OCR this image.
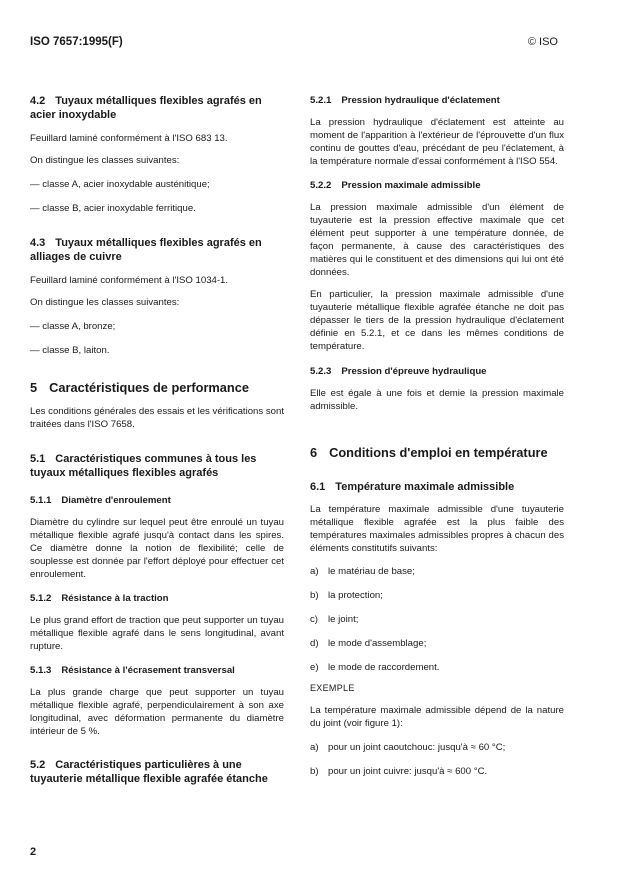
ISO 7657:1995(F)	© ISO
4.2 Tuyaux métalliques flexibles agrafés en acier inoxydable

Feuillard laminé conformément à l'ISO 683 13.

On distingue les classes suivantes:

— classe A, acier inoxydable austénitique;

— classe B, acier inoxydable ferritique.

4.3 Tuyaux métalliques flexibles agrafés en alliages de cuivre

Feuillard laminé conformément à l'ISO 1034-1.

On distingue les classes suivantes:

— classe A, bronze;

— classe B, laiton.

5 Caractéristiques de performance

Les conditions générales des essais et les vérifications sont traitées dans l'ISO 7658.

5.1 Caractéristiques communes à tous les tuyaux métalliques flexibles agrafés
5.1.1 Diamètre d'enroulement

Diamètre du cylindre sur lequel peut être enroulé un tuyau métallique flexible agrafé jusqu'à contact dans les spires. Ce diamètre donne la notion de flexibilité; celle de souplesse est donnée par l'effort déployé pour effectuer cet enroulement.

5.1.2 Résistance à la traction

Le plus grand effort de traction que peut supporter un tuyau métallique flexible agrafé dans le sens longitudinal, avant rupture.

5.1.3 Résistance à l'écrasement transversal

La plus grande charge que peut supporter un tuyau métallique flexible agrafé, perpendiculairement à son axe longitudinal, avec déformation permanente du diamètre intérieur de 5 %.

5.2 Caractéristiques particulières à une tuyauterie métallique flexible agrafée étanche
5.2.1 Pression hydraulique d'éclatement

La pression hydraulique d'éclatement est atteinte au moment de l'apparition à l'extérieur de l'éprouvette d'un flux continu de gouttes d'eau, précédant de peu l'éclatement, à la température normale d'essai conformément à l'ISO 554.

5.2.2 Pression maximale admissible

La pression maximale admissible d'un élément de tuyauterie est la pression effective maximale que cet élément peut supporter à une température donnée, de façon permanente, à cause des caractéristiques des matières qui le constituent et des dimensions qui lui ont été données.

En particulier, la pression maximale admissible d'une tuyauterie métallique flexible agrafée étanche ne doit pas dépasser le tiers de la pression hydraulique d'éclatement définie en 5.2.1, et ce dans les mêmes conditions de température.

5.2.3 Pression d'épreuve hydraulique

Elle est égale à une fois et demie la pression maximale admissible.

6 Conditions d'emploi en température
6.1 Température maximale admissible

La température maximale admissible d'une tuyauterie métallique flexible agrafée est la plus faible des températures maximales admissibles propres à chacun des éléments constitutifs suivants:

a) le matériau de base;

b) la protection;

c) le joint;

d) le mode d'assemblage;

e) le mode de raccordement.

EXEMPLE

La température maximale admissible dépend de la nature du joint (voir figure 1):

a) pour un joint caoutchouc: jusqu'à ≈ 60 °C;

b) pour un joint cuivre: jusqu'à ≈ 600 °C.

2
